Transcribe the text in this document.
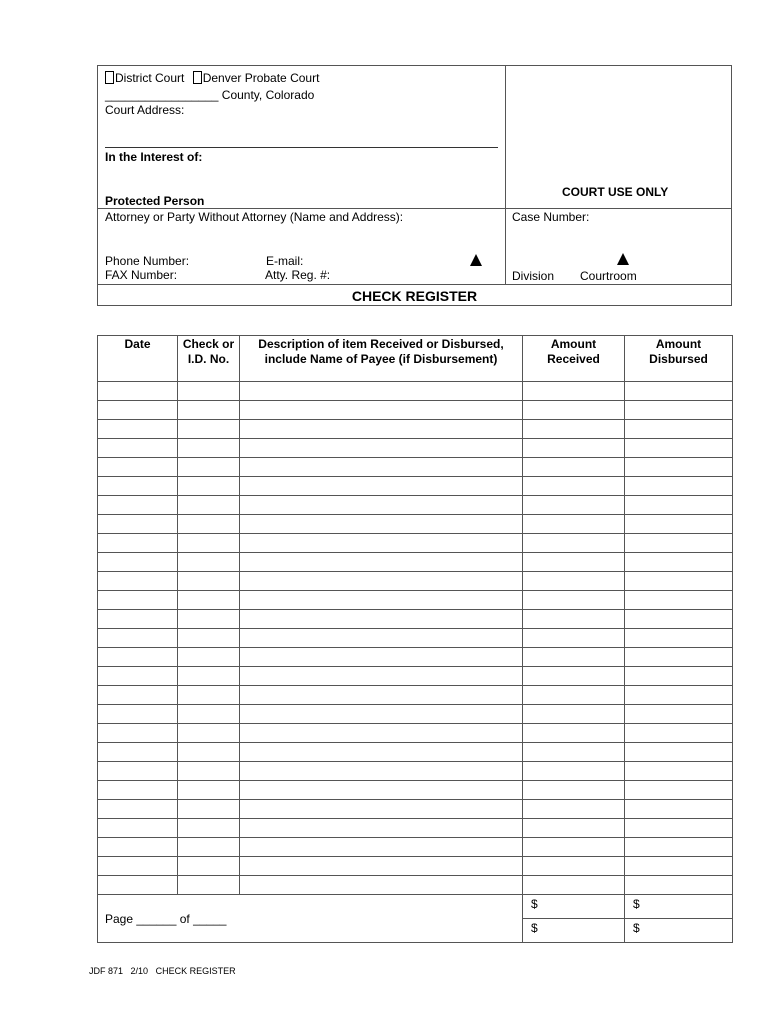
District Court Denver Probate Court
_________________ County, Colorado
Court Address:
In the Interest of:
Protected Person
COURT USE ONLY
Attorney or Party Without Attorney (Name and Address):
Phone Number:	E-mail:
FAX Number:	Atty. Reg. #:
Case Number:
Division Courtroom
CHECK REGISTER
Date	Check or I.D. No.	Description of item Received or Disbursed, include Name of Payee (if Disbursement)	Amount Received	Amount Disbursed

Page ______ of _____			$	$
			$	$
JDF 871 2/10 CHECK REGISTER
